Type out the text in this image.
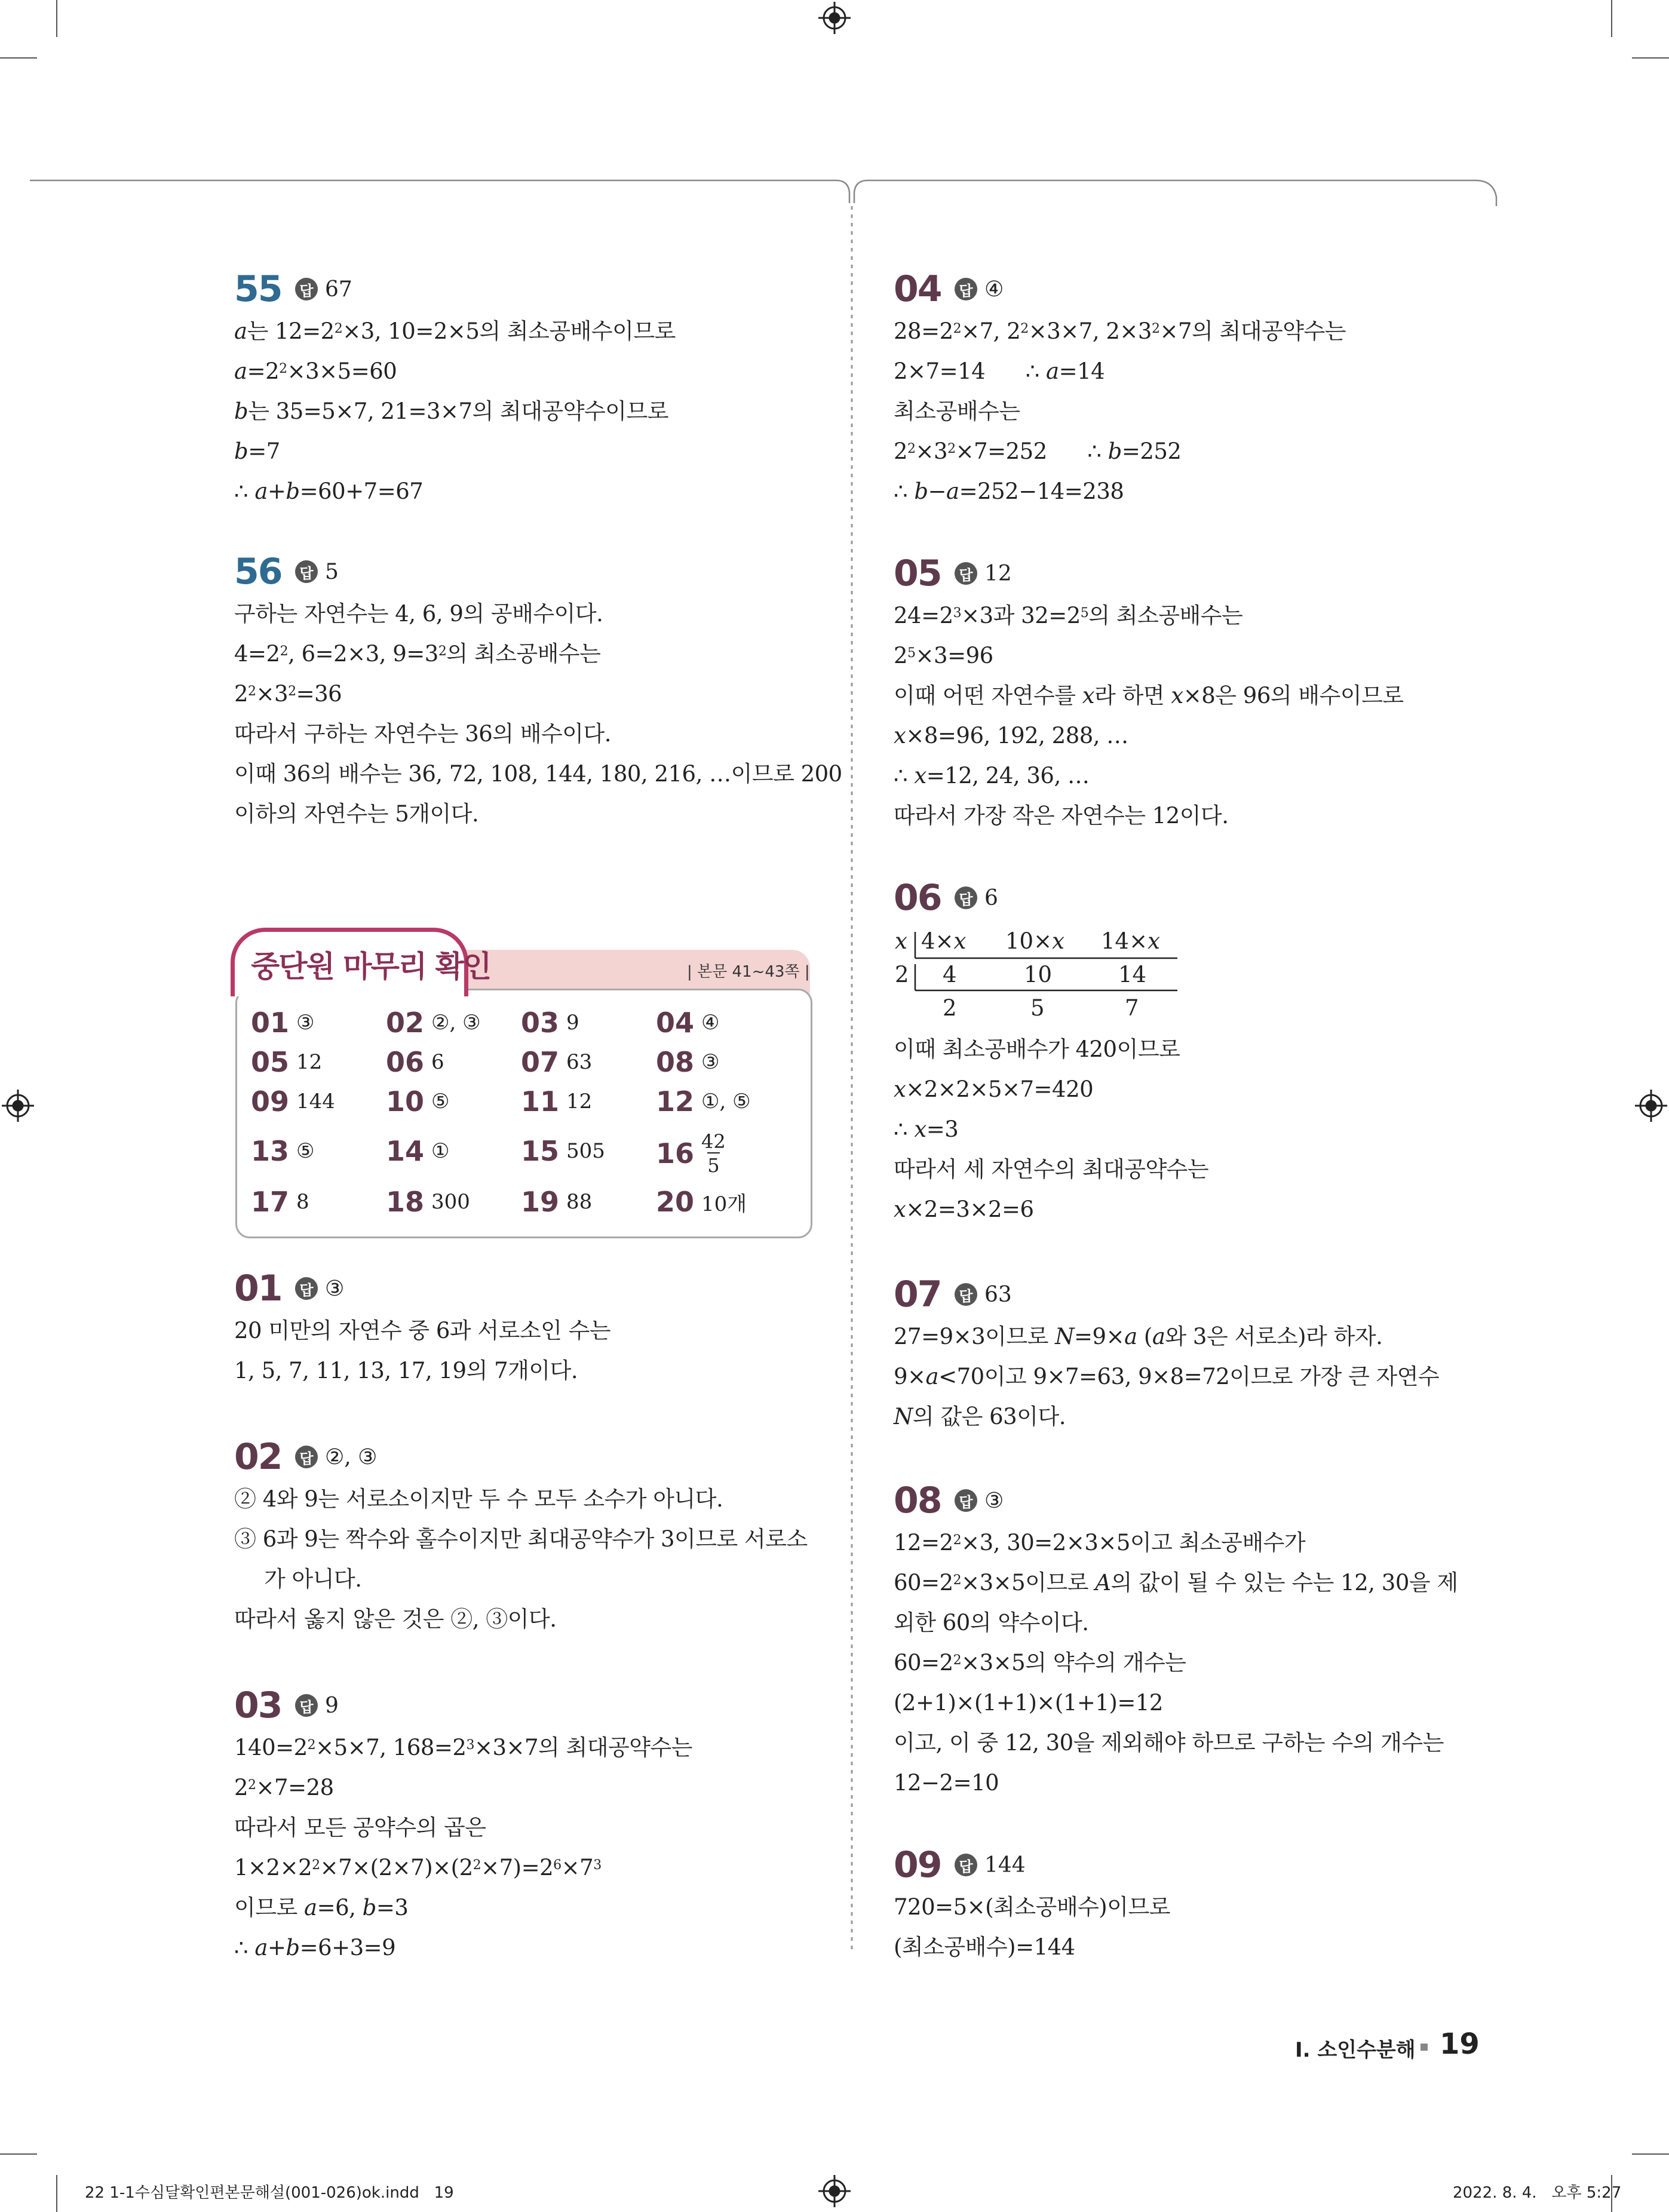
55	답 67
a는 $12=2^2\times 3$, 10=2×5의 최소공배수이므로
$a=2^2\times 3\times 5=60$
b는 35=5×7, 21=3×7의 최대공약수이므로
b=7
∴ a+b=60+7=67
56	답 5
구하는 자연수는 4, 6, 9의 공배수이다.
$4=2^2$, 6=2×3, $9=3^2$의 최소공배수는
$2^2\times 3^2=36$
따라서 구하는 자연수는 36의 배수이다.
이때 36의 배수는 36, 72, 108, 144, 180, 216, …이므로 200
이하의 자연수는 5개이다.
중단원 마무리 확인	| 본문 41~43쪽 |
01 ③	02 ②, ③ 03 9	04 ④
05 12 06 6	07 63 08 ③
09 144 10 ⑤	11 12 12 ①, ⑤
13 ⑤	14 ①	15 505 $16 \frac{42}{5}$
17 8	18 300 19 88 20 10개
01	답 ③
20 미만의 자연수 중 6과 서로소인 수는
1, 5, 7, 11, 13, 17, 19의 7개이다.
02	답 ②, ③
② 4와 9는 서로소이지만 두 수 모두 소수가 아니다.
③ 6과 9는 짝수와 홀수이지만 최대공약수가 3이므로 서로소
가 아니다.
따라서 옳지 않은 것은 ②, ③이다.
03	답 9
$140=2^2\times 5\times 7$, $168=2^3\times 3\times 7$의 최대공약수는
$2^2\times 7=28$
따라서 모든 공약수의 곱은
$1\times 2\times 2^2\times 7\times(2\times 7)\times(2^2\times 7)=2^6\times 7^3$
이므로 a=6, b=3
∴ a+b=6+3=9
04	답 ④
$28=2^2\times 7$, $2^2\times 3\times 7$, $2\times 3^2\times 7$의 최대공약수는
2×7=14      ∴ a=14
최소공배수는
$2^2\times 3^2\times 7=252$      ∴ b=252
∴ b−a=252−14=238
05	답 12
$24=2^3\times 3$과 $32=2^5$의 최소공배수는
$2^5\times 3=96$
이때 어떤 자연수를 x라 하면 x×8은 96의 배수이므로
x×8=96, 192, 288, …
∴ x=12, 24, 36, …
따라서 가장 작은 자연수는 12이다.
06	답 6
x 4×x 10×x 14×x
2 4	10	14
2	5	7
이때 최소공배수가 420이므로
x×2×2×5×7=420
∴ x=3
따라서 세 자연수의 최대공약수는
x×2=3×2=6
07	답 63
27=9×3이므로 N=9×a (a와 3은 서로소)라 하자.
9×a<70이고 9×7=63, 9×8=72이므로 가장 큰 자연수
N의 값은 63이다.
08	답 ③
$12=2^2\times 3$, 30=2×3×5이고 최소공배수가
$60=2^2\times 3\times 5$이므로 A의 값이 될 수 있는 수는 12, 30을 제
외한 60의 약수이다.
$60=2^2\times 3\times 5$의 약수의 개수는
(2+1)×(1+1)×(1+1)=12
이고, 이 중 12, 30을 제외해야 하므로 구하는 수의 개수는
12−2=10
09	답 144
720=5×(최소공배수)이므로
(최소공배수)=144
I. 소인수분해 19
22 1-1수심달확인편본문해설(001-026)ok.indd   19	2022. 8. 4.   오후 5:27
